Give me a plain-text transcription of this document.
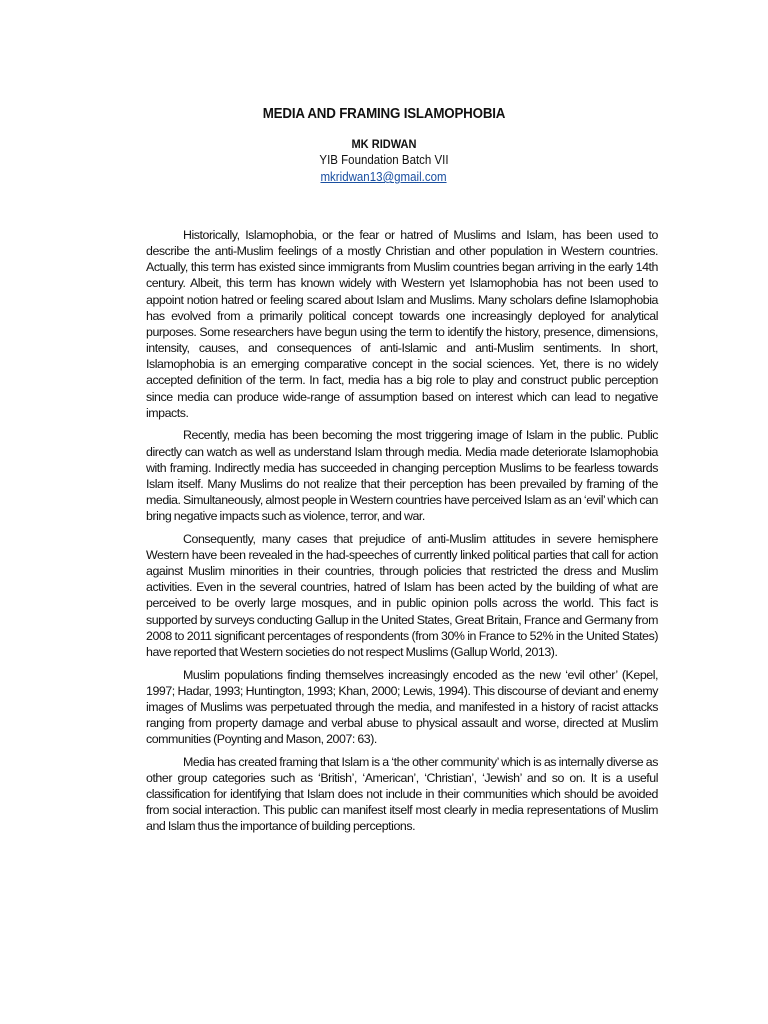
MEDIA AND FRAMING ISLAMOPHOBIA
MK RIDWAN
YIB Foundation Batch VII
mkridwan13@gmail.com

Historically, Islamophobia, or the fear or hatred of Muslims and Islam, has been used to describe the anti-Muslim feelings of a mostly Christian and other population in Western countries. Actually, this term has existed since immigrants from Muslim countries began arriving in the early 14th century. Albeit, this term has known widely with Western yet Islamophobia has not been used to appoint notion hatred or feeling scared about Islam and Muslims. Many scholars define Islamophobia has evolved from a primarily political concept towards one increasingly deployed for analytical purposes. Some researchers have begun using the term to identify the history, presence, dimensions, intensity, causes, and consequences of anti-Islamic and anti-Muslim sentiments. In short, Islamophobia is an emerging comparative concept in the social sciences. Yet, there is no widely accepted definition of the term. In fact, media has a big role to play and construct public perception since media can produce wide-range of assumption based on interest which can lead to negative impacts.

Recently, media has been becoming the most triggering image of Islam in the public. Public directly can watch as well as understand Islam through media. Media made deteriorate Islamophobia with framing. Indirectly media has succeeded in changing perception Muslims to be fearless towards Islam itself. Many Muslims do not realize that their perception has been prevailed by framing of the media. Simultaneously, almost people in Western countries have perceived Islam as an ‘evil’ which can bring negative impacts such as violence, terror, and war.

Consequently, many cases that prejudice of anti-Muslim attitudes in severe hemisphere Western have been revealed in the had-speeches of currently linked political parties that call for action against Muslim minorities in their countries, through policies that restricted the dress and Muslim activities. Even in the several countries, hatred of Islam has been acted by the building of what are perceived to be overly large mosques, and in public opinion polls across the world. This fact is supported by surveys conducting Gallup in the United States, Great Britain, France and Germany from 2008 to 2011 significant percentages of respondents (from 30% in France to 52% in the United States) have reported that Western societies do not respect Muslims (Gallup World, 2013).

Muslim populations finding themselves increasingly encoded as the new ‘evil other’ (Kepel, 1997; Hadar, 1993; Huntington, 1993; Khan, 2000; Lewis, 1994). This discourse of deviant and enemy images of Muslims was perpetuated through the media, and manifested in a history of racist attacks ranging from property damage and verbal abuse to physical assault and worse, directed at Muslim communities (Poynting and Mason, 2007: 63).

Media has created framing that Islam is a ‘the other community’ which is as internally diverse as other group categories such as ‘British’, ‘American’, ‘Christian’, ‘Jewish’ and so on. It is a useful classification for identifying that Islam does not include in their communities which should be avoided from social interaction. This public can manifest itself most clearly in media representations of Muslim and Islam thus the importance of building perceptions.
